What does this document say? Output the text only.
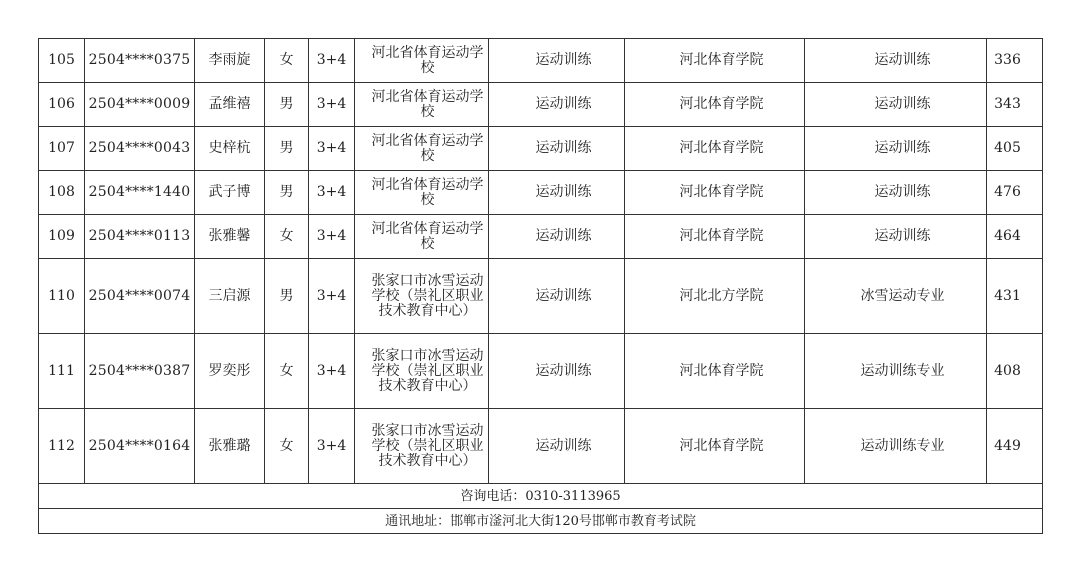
105	2504****0375	李雨旋	女	3+4	河北省体育运动学校	运动训练	河北体育学院	运动训练	336
106	2504****0009	孟维禧	男	3+4	河北省体育运动学校	运动训练	河北体育学院	运动训练	343
107	2504****0043	史梓杭	男	3+4	河北省体育运动学校	运动训练	河北体育学院	运动训练	405
108	2504****1440	武子博	男	3+4	河北省体育运动学校	运动训练	河北体育学院	运动训练	476
109	2504****0113	张雅馨	女	3+4	河北省体育运动学校	运动训练	河北体育学院	运动训练	464
110	2504****0074	三启源	男	3+4	张家口市冰雪运动学校（崇礼区职业技术教育中心）	运动训练	河北北方学院	冰雪运动专业	431
111	2504****0387	罗奕彤	女	3+4	张家口市冰雪运动学校（崇礼区职业技术教育中心）	运动训练	河北体育学院	运动训练专业	408
112	2504****0164	张雅璐	女	3+4	张家口市冰雪运动学校（崇礼区职业技术教育中心）	运动训练	河北体育学院	运动训练专业	449
咨询电话：0310-3113965									
通讯地址：邯郸市滏河北大街120号邯郸市教育考试院									
